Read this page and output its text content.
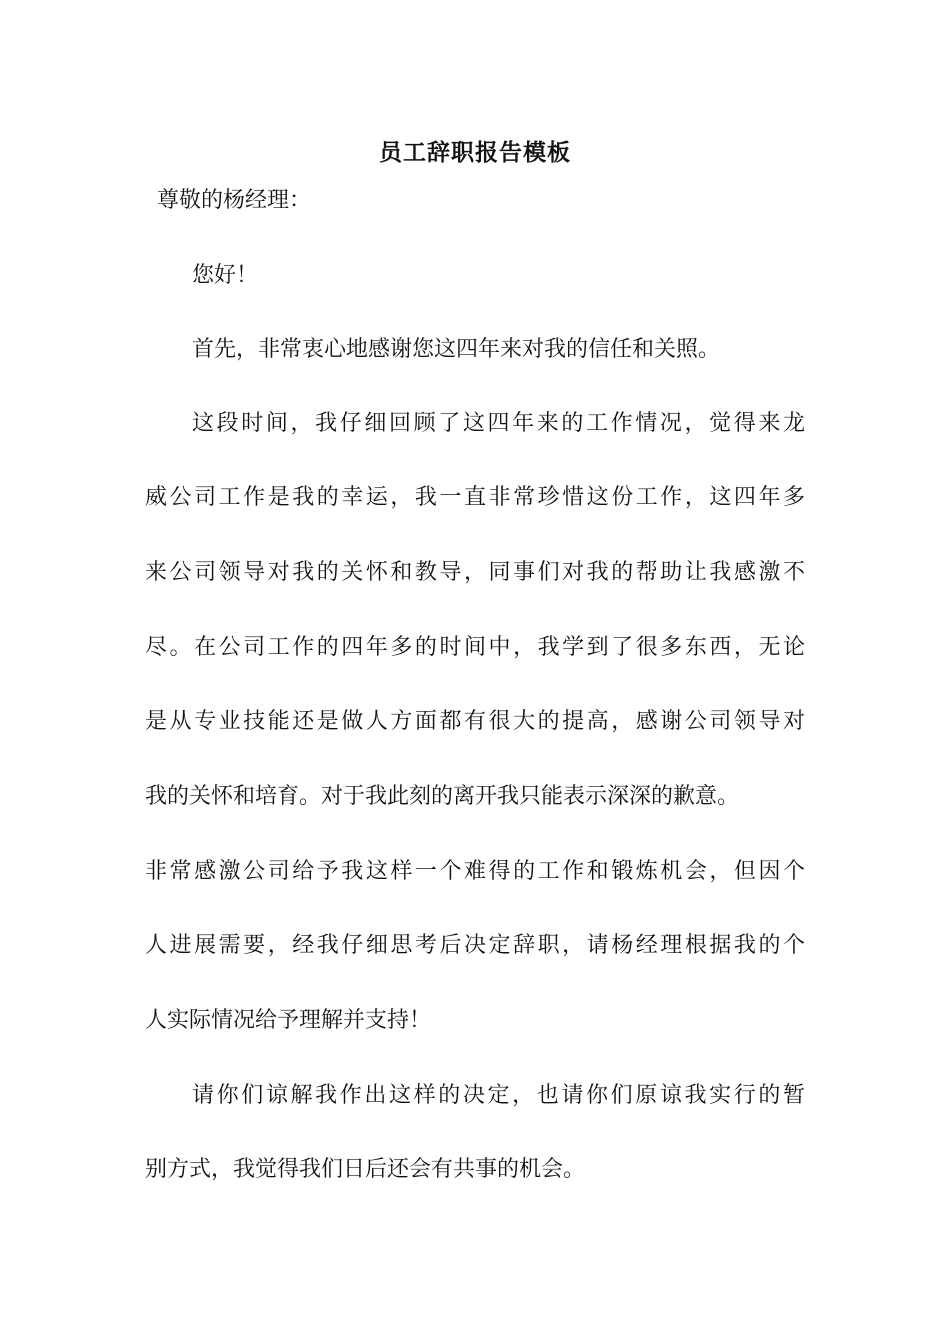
员工辞职报告模板
尊敬的杨经理：
您好！
首先，非常衷心地感谢您这四年来对我的信任和关照。
这段时间，我仔细回顾了这四年来的工作情况，觉得来龙
威公司工作是我的幸运，我一直非常珍惜这份工作，这四年多
来公司领导对我的关怀和教导，同事们对我的帮助让我感激不
尽。在公司工作的四年多的时间中，我学到了很多东西，无论
是从专业技能还是做人方面都有很大的提高，感谢公司领导对
我的关怀和培育。对于我此刻的离开我只能表示深深的歉意。
非常感激公司给予我这样一个难得的工作和锻炼机会，但因个
人进展需要，经我仔细思考后决定辞职，请杨经理根据我的个
人实际情况给予理解并支持！
请你们谅解我作出这样的决定，也请你们原谅我实行的暂
别方式，我觉得我们日后还会有共事的机会。
